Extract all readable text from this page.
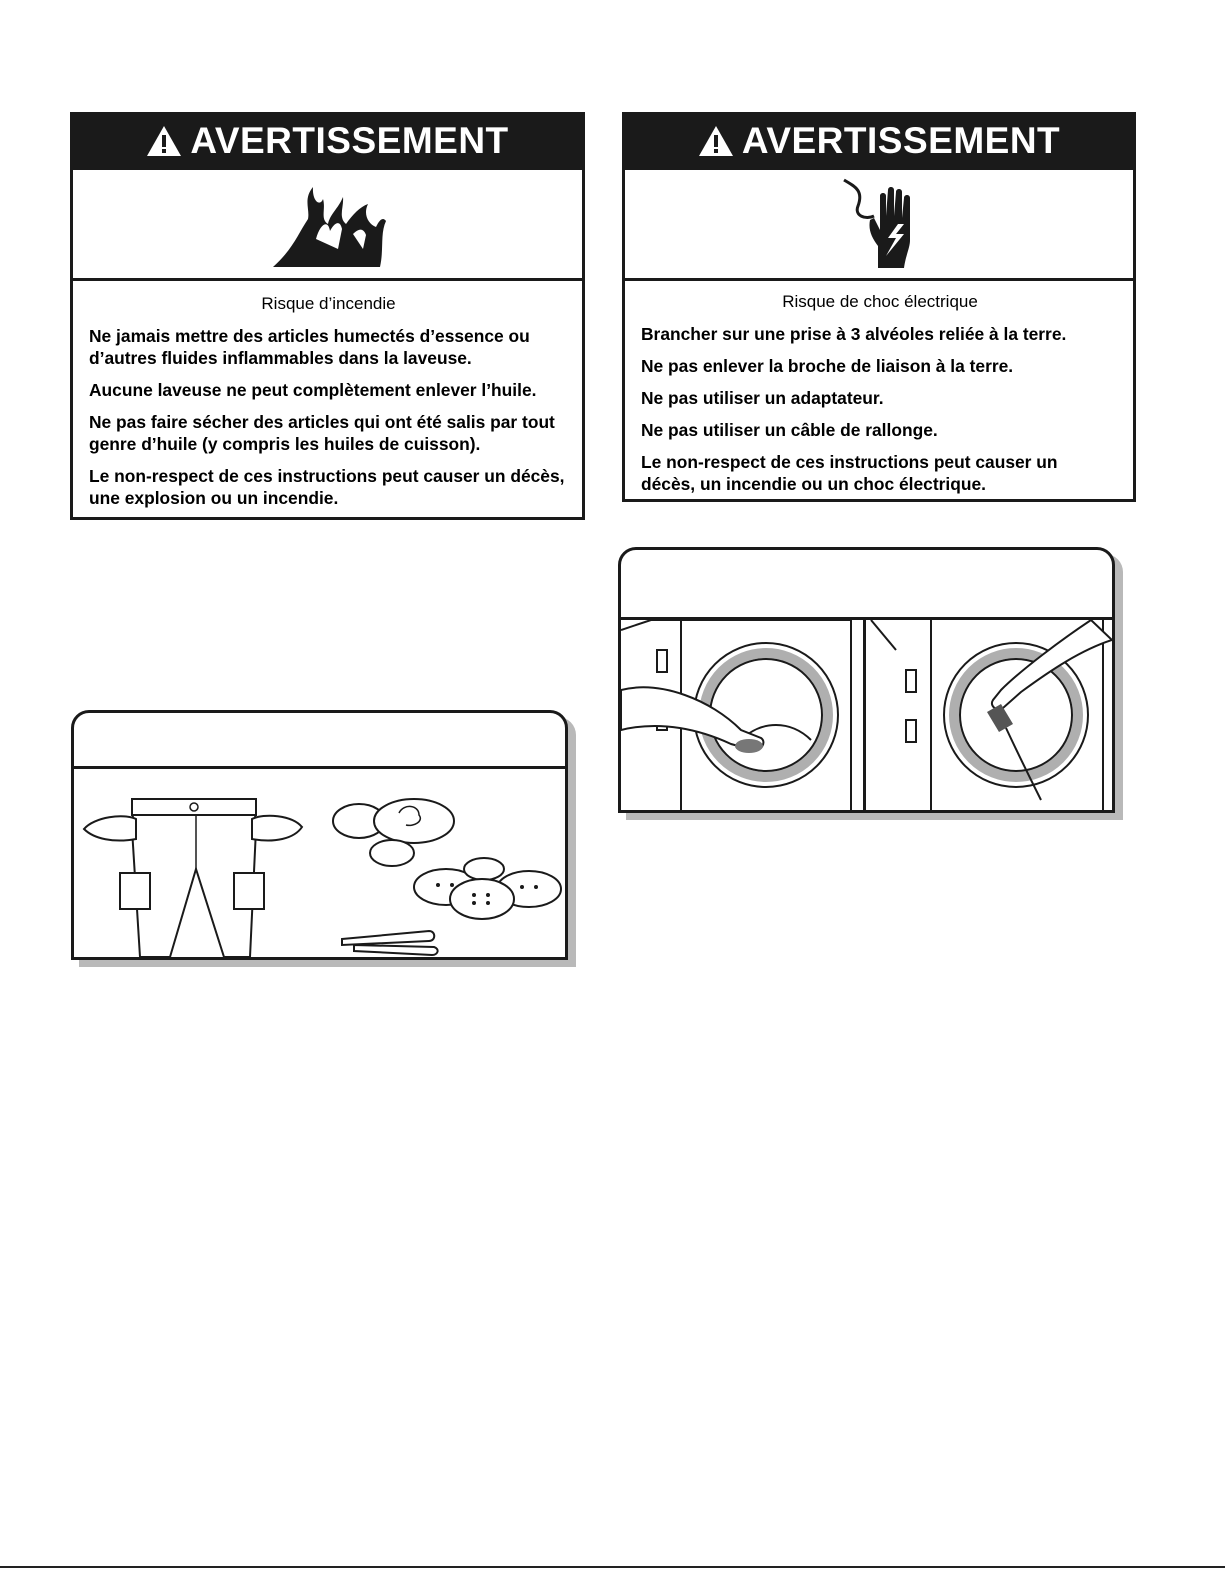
AVERTISSEMENT
Risque d’incendie

Ne jamais mettre des articles humectés d’essence ou d’autres fluides inflammables dans la laveuse.

Aucune laveuse ne peut complètement enlever l’huile.

Ne pas faire sécher des articles qui ont été salis par tout genre d’huile (y compris les huiles de cuisson).

Le non-respect de ces instructions peut causer un décès, une explosion ou un incendie.

AVERTISSEMENT
Risque de choc électrique

Brancher sur une prise à 3 alvéoles reliée à la terre.

Ne pas enlever la broche de liaison à la terre.

Ne pas utiliser un adaptateur.

Ne pas utiliser un câble de rallonge.

Le non-respect de ces instructions peut causer un décès, un incendie ou un choc électrique.
